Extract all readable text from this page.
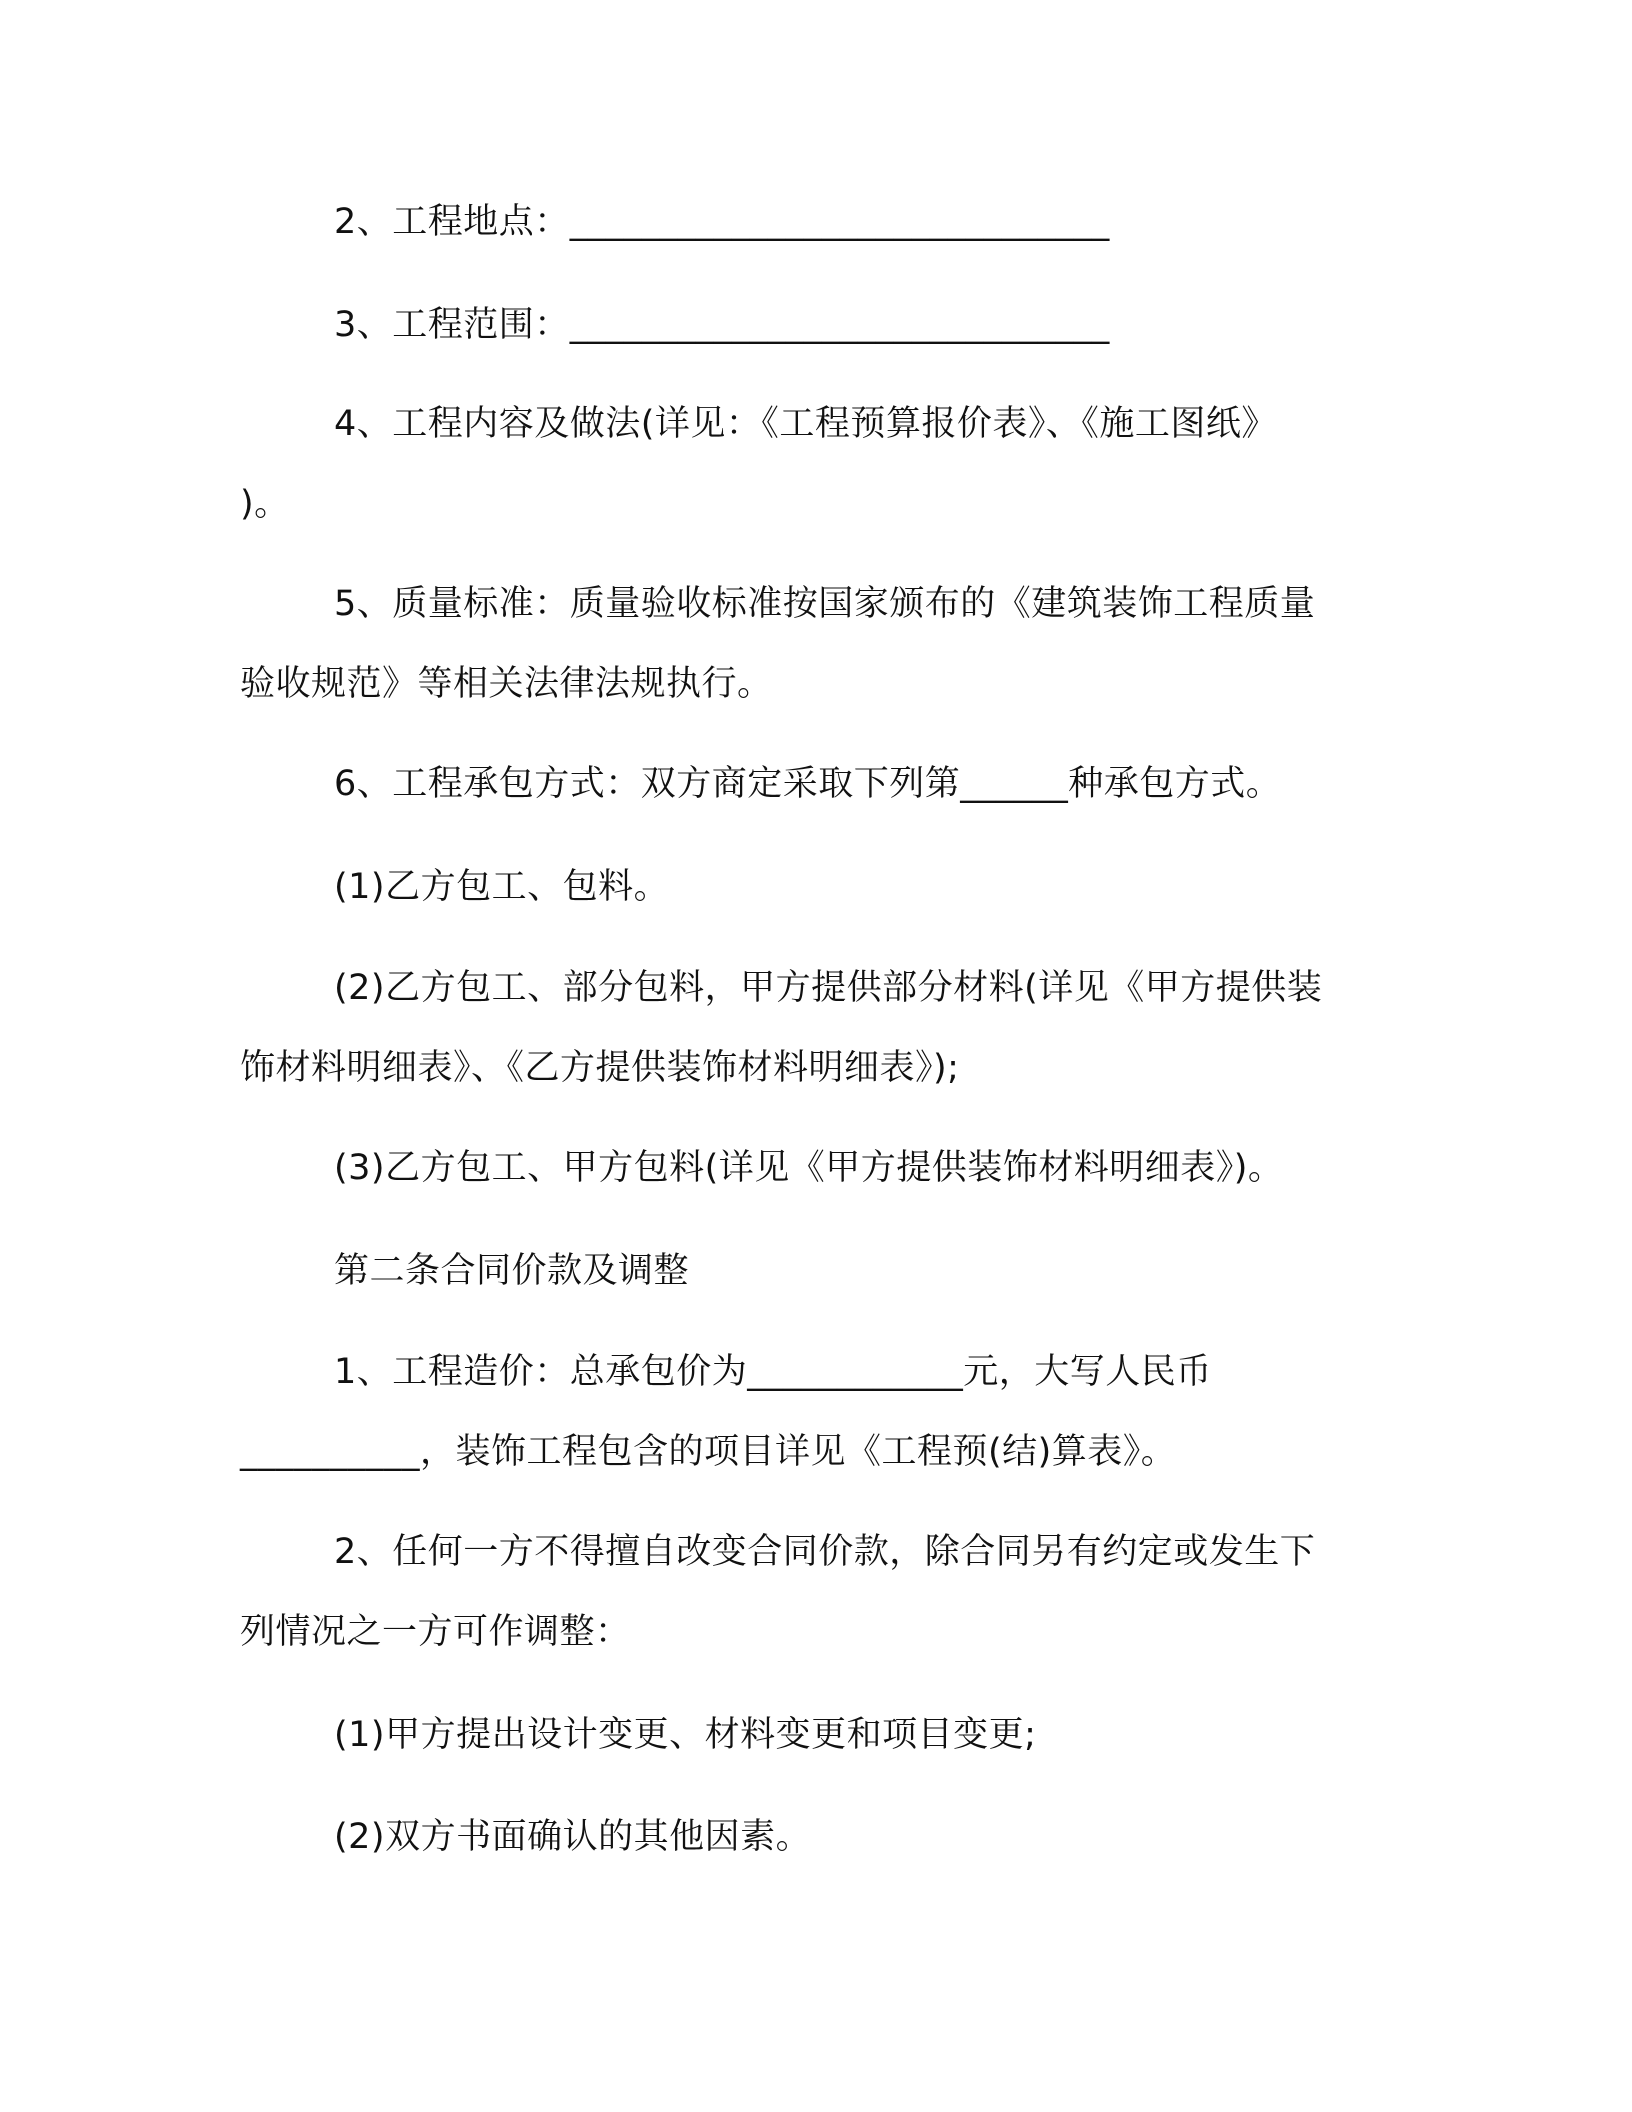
2、工程地点：______________________________
3、工程范围：______________________________
4、工程内容及做法(详见：《工程预算报价表》、《施工图纸》
)。
5、质量标准：质量验收标准按国家颁布的《建筑装饰工程质量
验收规范》等相关法律法规执行。
6、工程承包方式：双方商定采取下列第______种承包方式。
(1)乙方包工、包料。
(2)乙方包工、部分包料，甲方提供部分材料(详见《甲方提供装
饰材料明细表》、《乙方提供装饰材料明细表》);
(3)乙方包工、甲方包料(详见《甲方提供装饰材料明细表》)。
第二条合同价款及调整
1、工程造价：总承包价为____________元，大写人民币
__________，装饰工程包含的项目详见《工程预(结)算表》。
2、任何一方不得擅自改变合同价款，除合同另有约定或发生下
列情况之一方可作调整：
(1)甲方提出设计变更、材料变更和项目变更;
(2)双方书面确认的其他因素。
